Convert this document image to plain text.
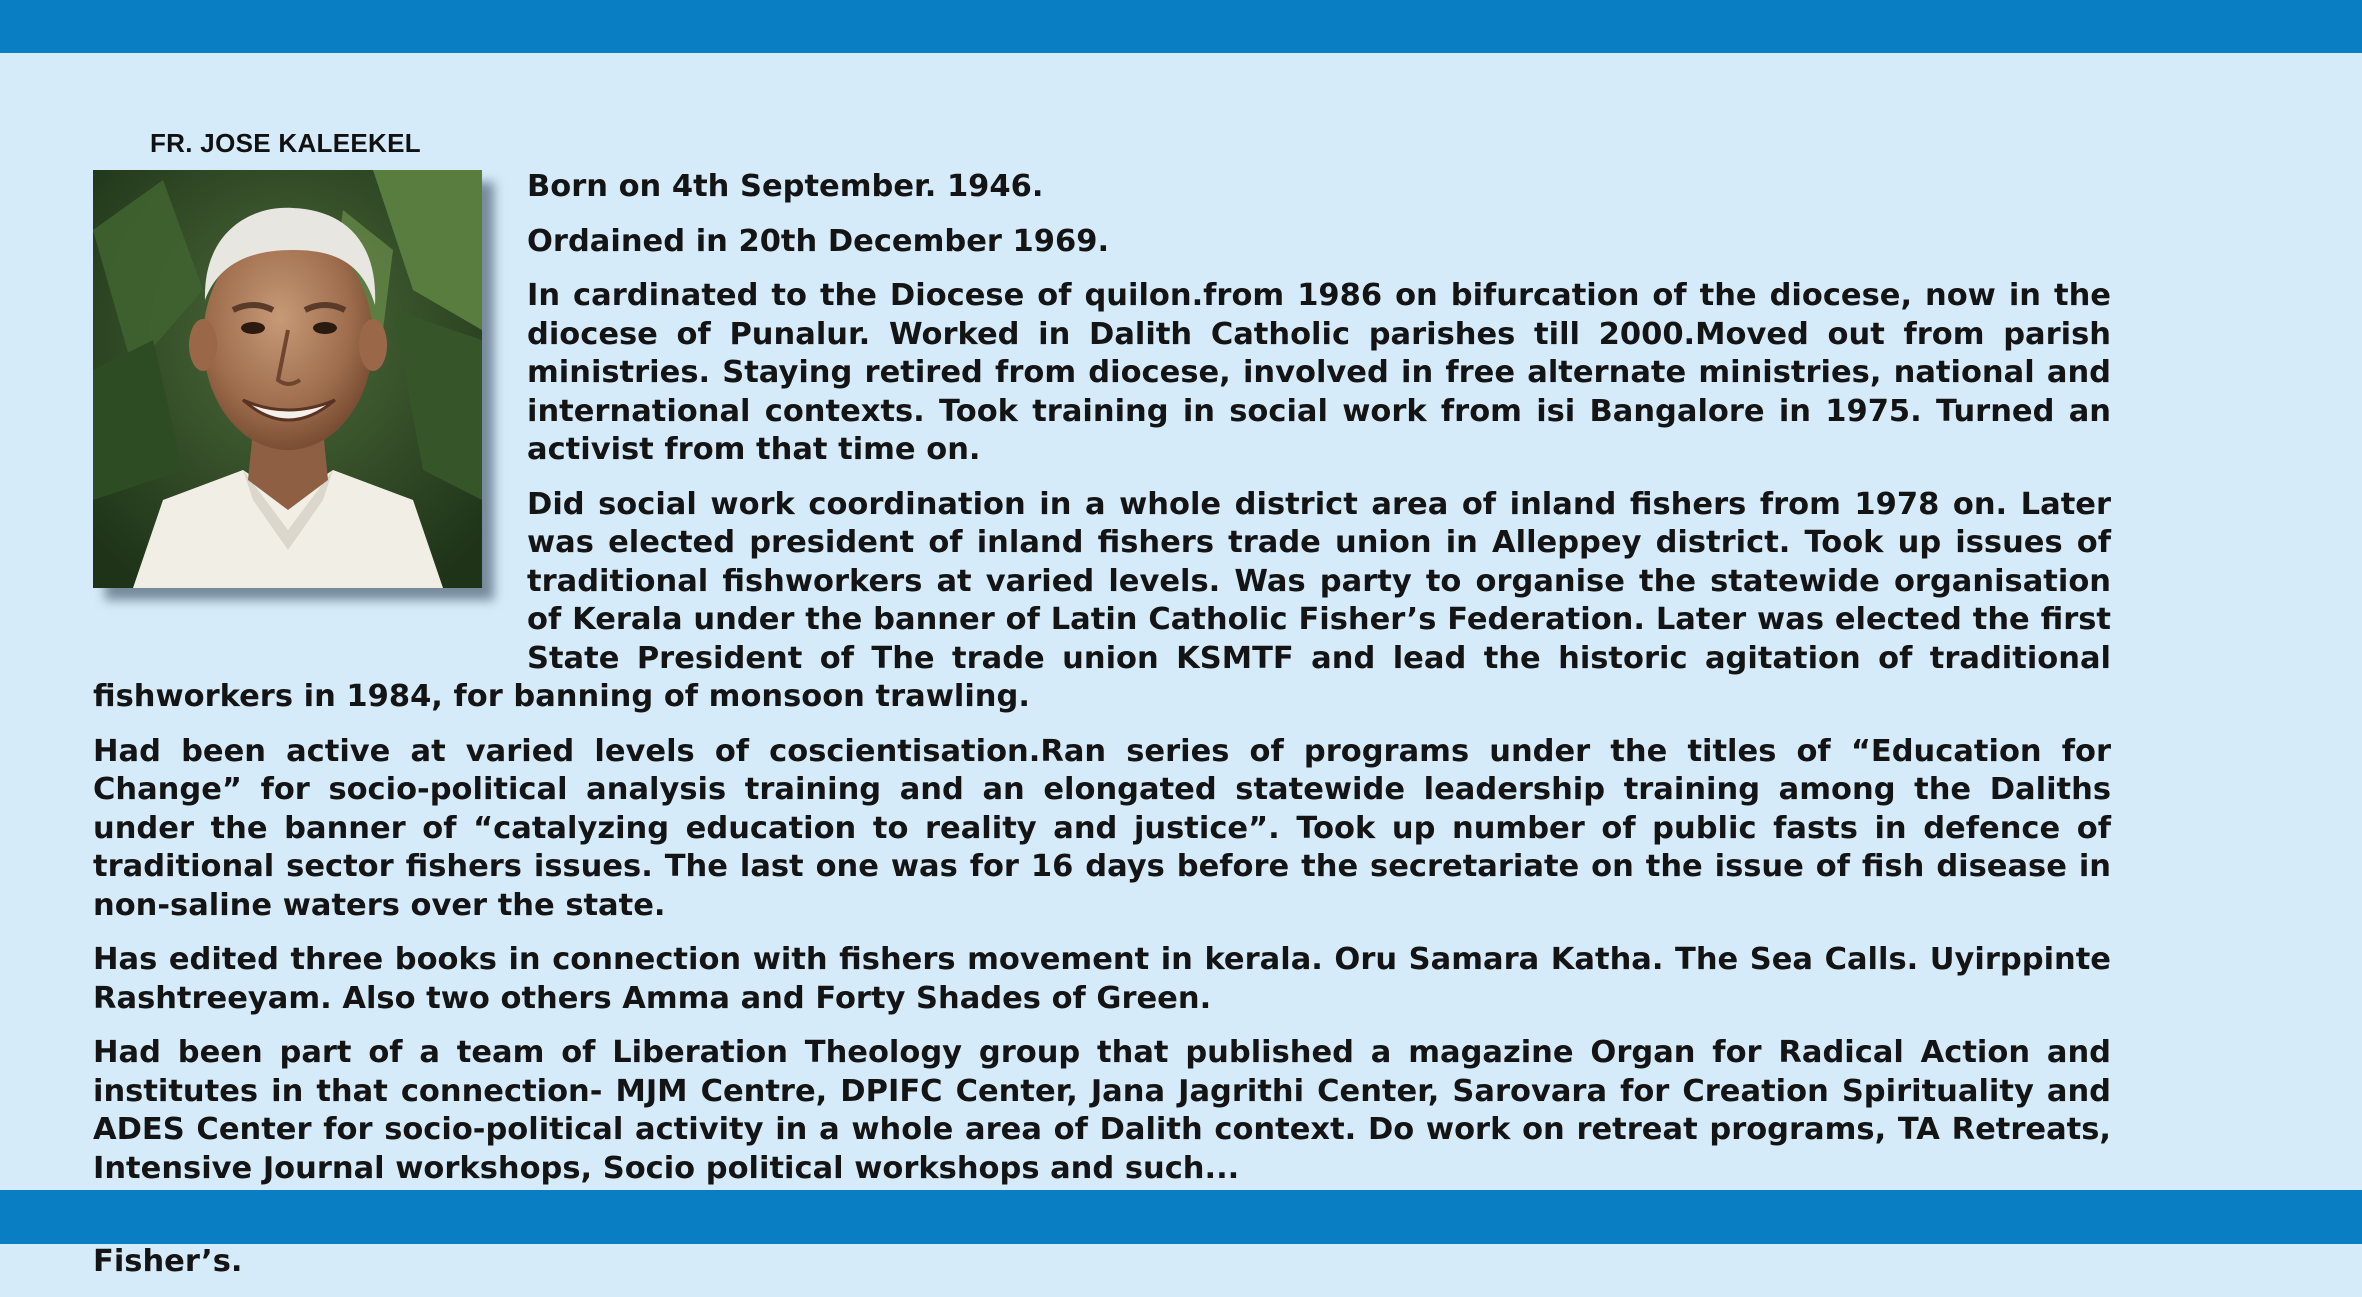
FR. JOSE KALEEKEL

Born on 4th September. 1946.

Ordained in 20th December 1969.

In cardinated to the Diocese of quilon.from 1986 on bifurcation of the diocese, now in the diocese of Punalur. Worked in Dalith Catholic parishes till 2000.Moved out from parish ministries. Staying retired from diocese, involved in free alternate ministries, national and international contexts. Took training in social work from isi Bangalore in 1975. Turned an activist from that time on.

Did social work coordination in a whole district area of inland fishers from 1978 on. Later was elected president of inland fishers trade union in Alleppey district. Took up issues of traditional fishworkers at varied levels. Was party to organise the statewide organisation of Kerala under the banner of Latin Catholic Fisher’s Federation. Later was elected the first State President of The trade union KSMTF and lead the historic agitation of traditional fishworkers in 1984, for banning of monsoon trawling.

Had been active at varied levels of coscientisation.Ran series of programs under the titles of “Education for Change” for socio-political analysis training and an elongated statewide leadership training among the Daliths under the banner of “catalyzing education to reality and justice”. Took up number of public fasts in defence of traditional sector fishers issues. The last one was for 16 days before the secretariate on the issue of fish disease in non-saline waters over the state.

Has edited three books in connection with fishers movement in kerala. Oru Samara Katha. The Sea Calls. Uyirppinte Rashtreeyam. Also two others Amma and Forty Shades of Green.

Had been part of a team of Liberation Theology group that published a magazine Organ for Radical Action and institutes in that connection- MJM Centre, DPIFC Center, Jana Jagrithi Center, Sarovara for Creation Spirituality and ADES Center for socio-political activity in a whole area of Dalith context. Do work on retreat programs, TA Retreats, Intensive Journal workshops, Socio political workshops and such...

Fisher’s.
